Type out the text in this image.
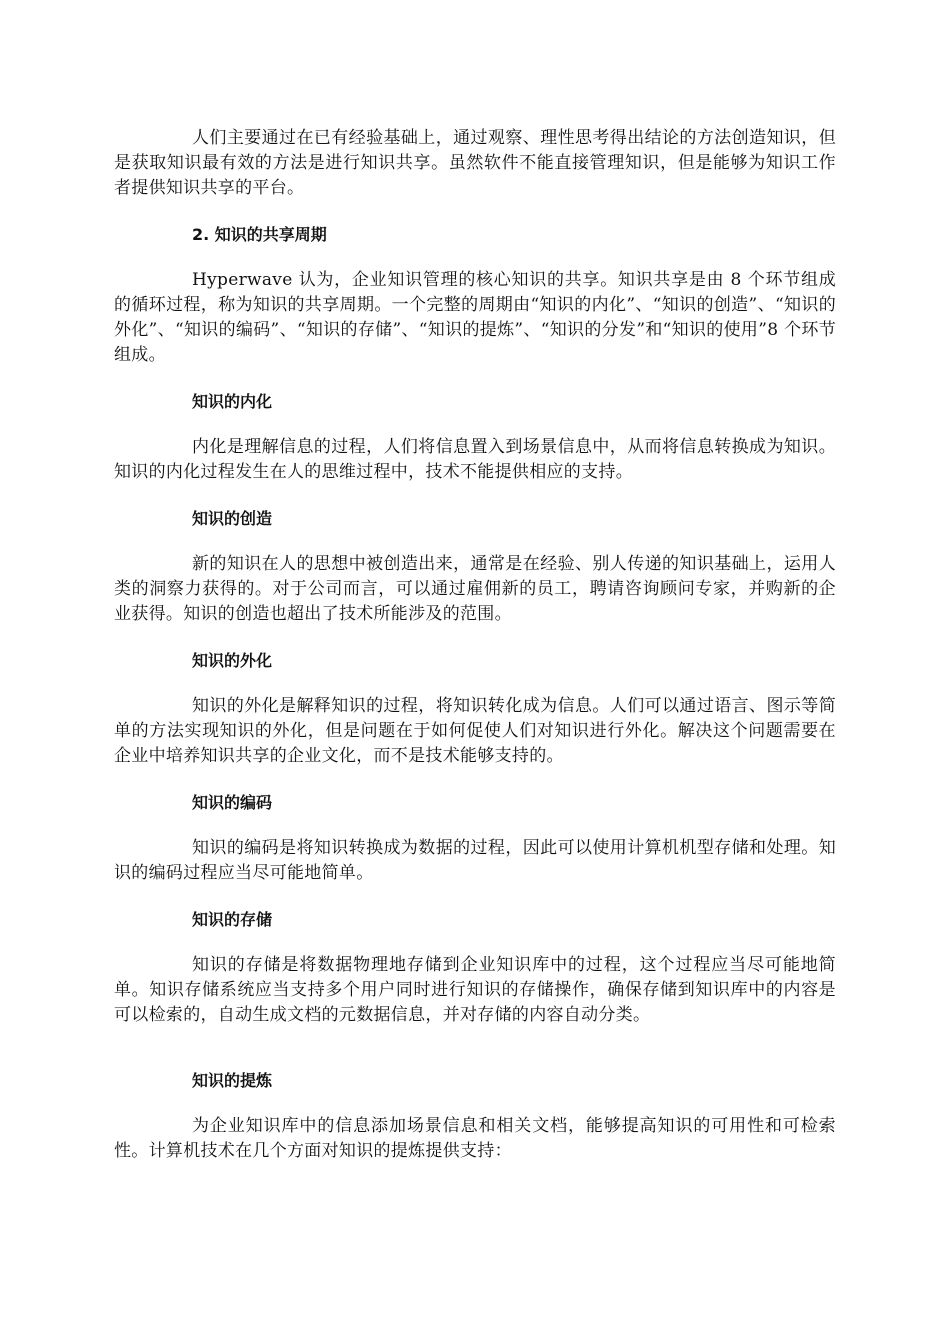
人们主要通过在已有经验基础上，通过观察、理性思考得出结论的方法创造知识，但是获取知识最有效的方法是进行知识共享。虽然软件不能直接管理知识，但是能够为知识工作者提供知识共享的平台。

2. 知识的共享周期

Hyperwave 认为，企业知识管理的核心知识的共享。知识共享是由 8 个环节组成的循环过程，称为知识的共享周期。一个完整的周期由“知识的内化”、“知识的创造”、“知识的外化”、“知识的编码”、“知识的存储”、“知识的提炼”、“知识的分发”和“知识的使用”8 个环节组成。

知识的内化

内化是理解信息的过程，人们将信息置入到场景信息中，从而将信息转换成为知识。知识的内化过程发生在人的思维过程中，技术不能提供相应的支持。

知识的创造

新的知识在人的思想中被创造出来，通常是在经验、别人传递的知识基础上，运用人类的洞察力获得的。对于公司而言，可以通过雇佣新的员工，聘请咨询顾问专家，并购新的企业获得。知识的创造也超出了技术所能涉及的范围。

知识的外化

知识的外化是解释知识的过程，将知识转化成为信息。人们可以通过语言、图示等简单的方法实现知识的外化，但是问题在于如何促使人们对知识进行外化。解决这个问题需要在企业中培养知识共享的企业文化，而不是技术能够支持的。

知识的编码

知识的编码是将知识转换成为数据的过程，因此可以使用计算机机型存储和处理。知识的编码过程应当尽可能地简单。

知识的存储

知识的存储是将数据物理地存储到企业知识库中的过程，这个过程应当尽可能地简单。知识存储系统应当支持多个用户同时进行知识的存储操作，确保存储到知识库中的内容是可以检索的，自动生成文档的元数据信息，并对存储的内容自动分类。

知识的提炼

为企业知识库中的信息添加场景信息和相关文档，能够提高知识的可用性和可检索性。计算机技术在几个方面对知识的提炼提供支持：
